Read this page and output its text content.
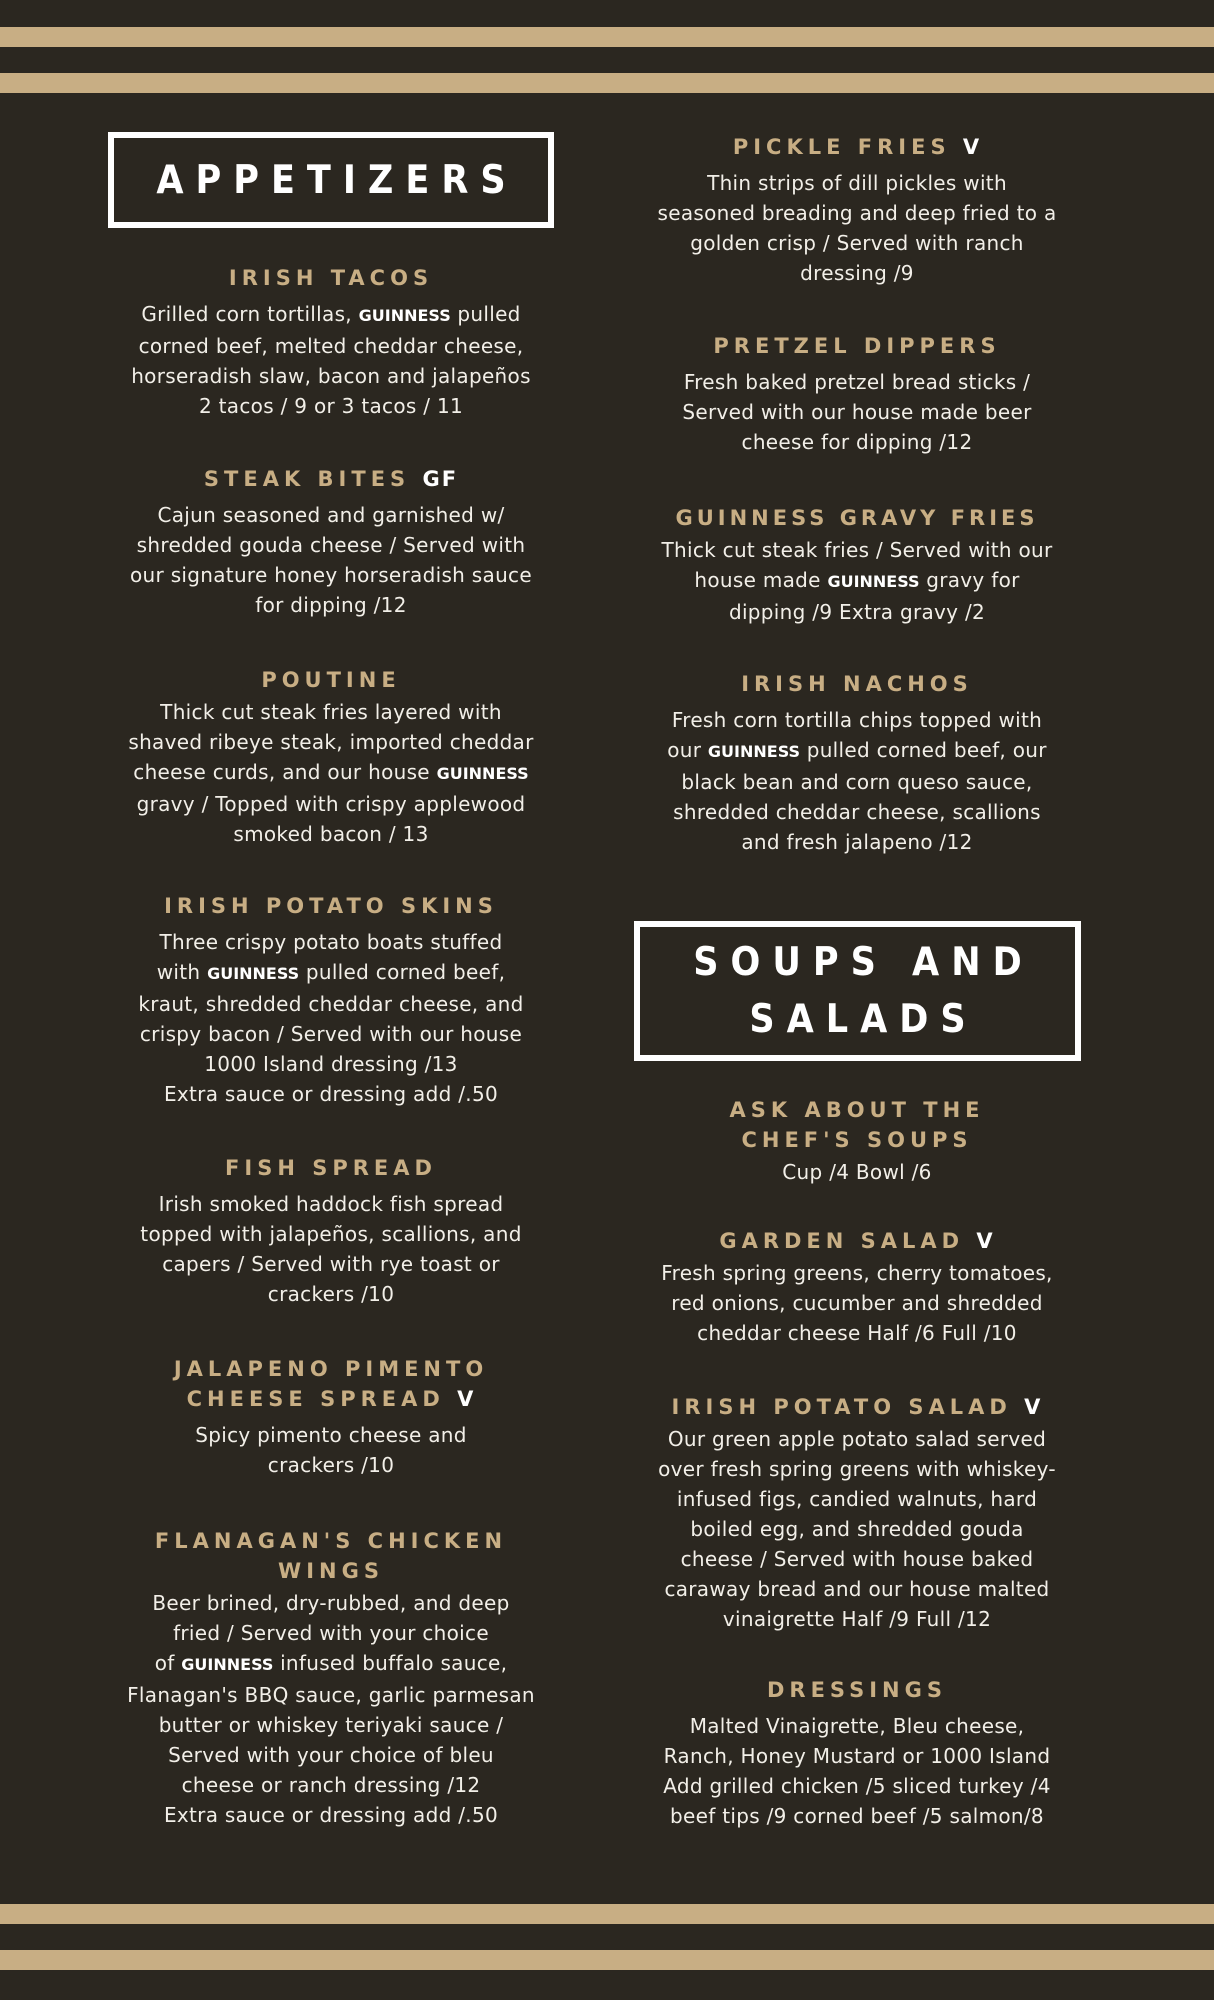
APPETIZERS

IRISH TACOS

Grilled corn tortillas, GUINNESS pulled
corned beef, melted cheddar cheese,
horseradish slaw, bacon and jalapeños
2 tacos / 9 or 3 tacos / 11

STEAK BITES GF

Cajun seasoned and garnished w/
shredded gouda cheese / Served with
our signature honey horseradish sauce
for dipping /12

POUTINE

Thick cut steak fries layered with
shaved ribeye steak, imported cheddar
cheese curds, and our house GUINNESS
gravy / Topped with crispy applewood
smoked bacon / 13

IRISH POTATO SKINS

Three crispy potato boats stuffed
with GUINNESS pulled corned beef,
kraut, shredded cheddar cheese, and
crispy bacon / Served with our house
1000 Island dressing /13
Extra sauce or dressing add /.50

FISH SPREAD

Irish smoked haddock fish spread
topped with jalapeños, scallions, and
capers / Served with rye toast or
crackers /10

JALAPENO PIMENTO
CHEESE SPREAD V

Spicy pimento cheese and
crackers /10

FLANAGAN'S CHICKEN
WINGS

Beer brined, dry-rubbed, and deep
fried / Served with your choice
of GUINNESS infused buffalo sauce,
Flanagan's BBQ sauce, garlic parmesan
butter or whiskey teriyaki sauce /
Served with your choice of bleu
cheese or ranch dressing /12
Extra sauce or dressing add /.50

PICKLE FRIES V

Thin strips of dill pickles with
seasoned breading and deep fried to a
golden crisp / Served with ranch
dressing /9

PRETZEL DIPPERS

Fresh baked pretzel bread sticks /
Served with our house made beer
cheese for dipping /12

GUINNESS GRAVY FRIES

Thick cut steak fries / Served with our
house made GUINNESS gravy for
dipping /9 Extra gravy /2

IRISH NACHOS

Fresh corn tortilla chips topped with
our GUINNESS pulled corned beef, our
black bean and corn queso sauce,
shredded cheddar cheese, scallions
and fresh jalapeno /12

SOUPS AND
SALADS

ASK ABOUT THE
CHEF'S SOUPS

Cup /4 Bowl /6

GARDEN SALAD V

Fresh spring greens, cherry tomatoes,
red onions, cucumber and shredded
cheddar cheese Half /6 Full /10

IRISH POTATO SALAD V

Our green apple potato salad served
over fresh spring greens with whiskey-
infused figs, candied walnuts, hard
boiled egg, and shredded gouda
cheese / Served with house baked
caraway bread and our house malted
vinaigrette Half /9 Full /12

DRESSINGS

Malted Vinaigrette, Bleu cheese,
Ranch, Honey Mustard or 1000 Island
Add grilled chicken /5 sliced turkey /4
beef tips /9 corned beef /5 salmon/8
